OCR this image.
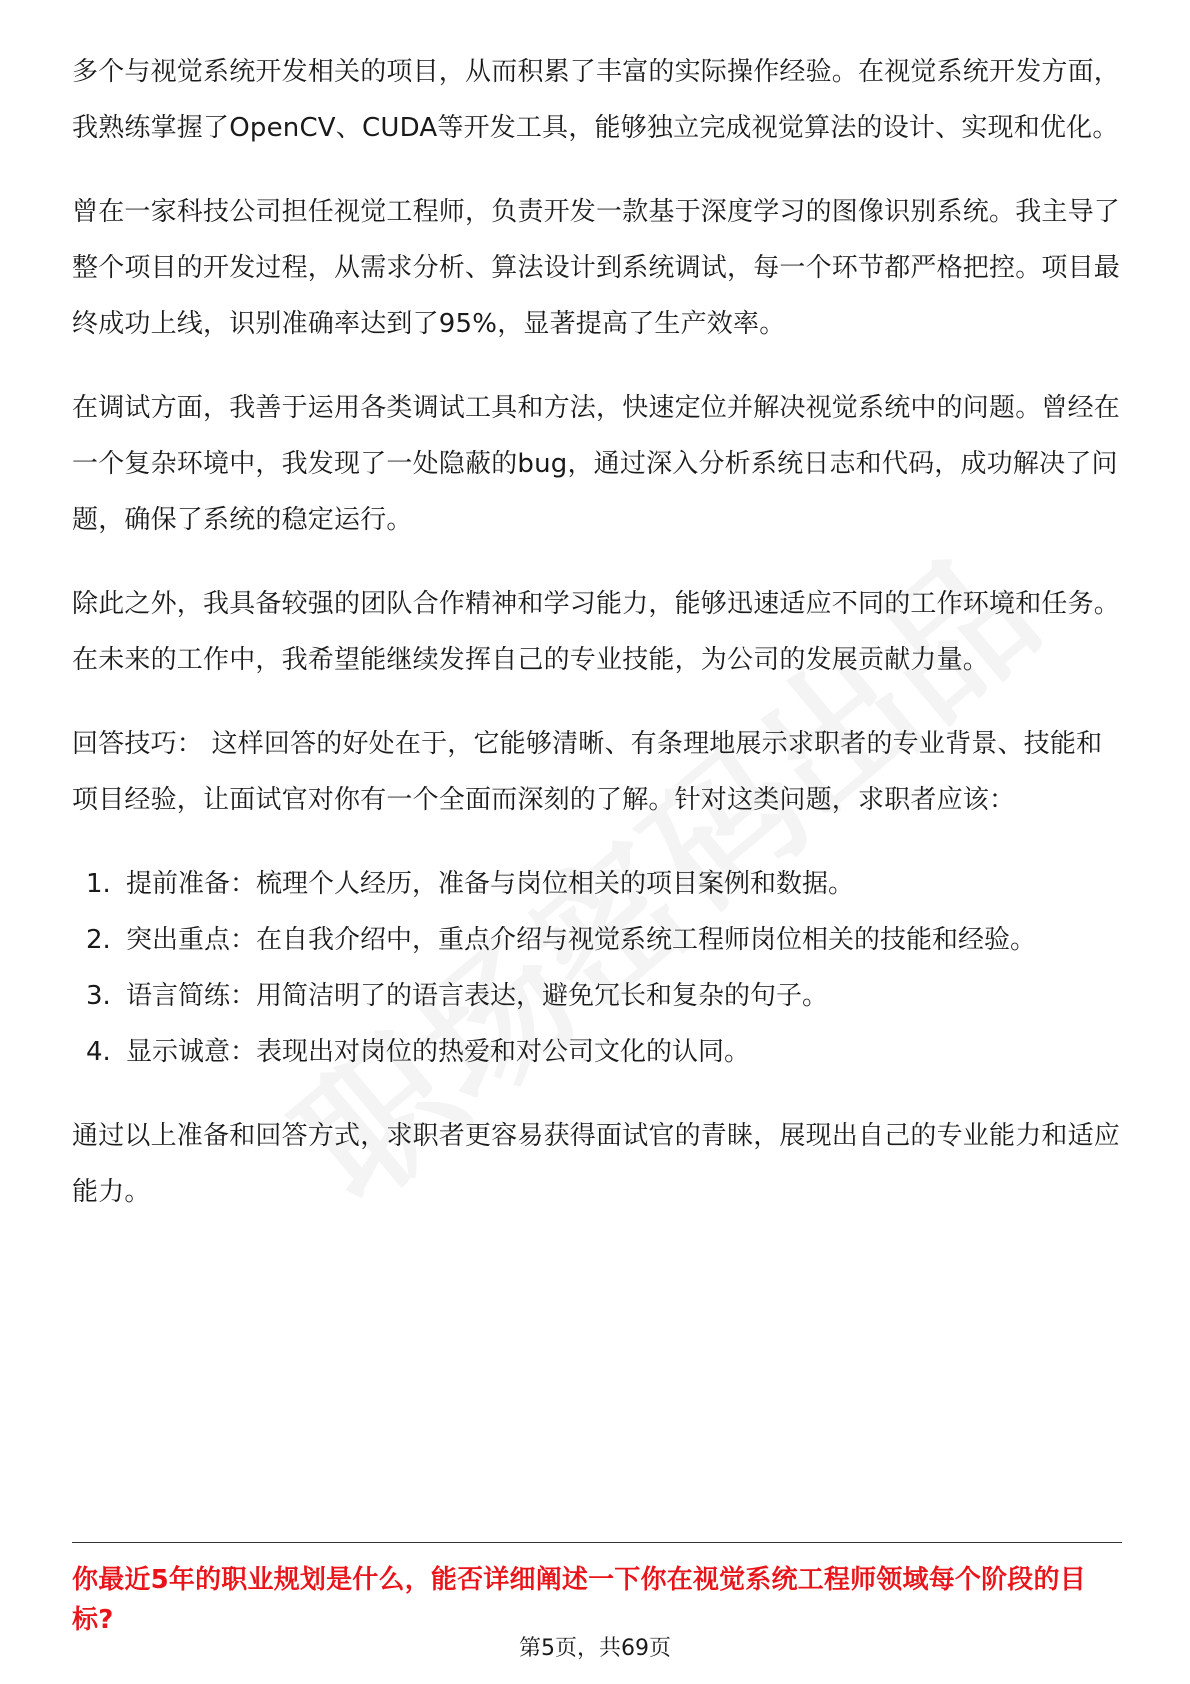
多个与视觉系统开发相关的项目，从而积累了丰富的实际操作经验。在视觉系统开发方面，我熟练掌握了OpenCV、CUDA等开发工具，能够独立完成视觉算法的设计、实现和优化。

曾在一家科技公司担任视觉工程师，负责开发一款基于深度学习的图像识别系统。我主导了整个项目的开发过程，从需求分析、算法设计到系统调试，每一个环节都严格把控。项目最终成功上线，识别准确率达到了95%，显著提高了生产效率。

在调试方面，我善于运用各类调试工具和方法，快速定位并解决视觉系统中的问题。曾经在一个复杂环境中，我发现了一处隐蔽的bug，通过深入分析系统日志和代码，成功解决了问题，确保了系统的稳定运行。

除此之外，我具备较强的团队合作精神和学习能力，能够迅速适应不同的工作环境和任务。在未来的工作中，我希望能继续发挥自己的专业技能，为公司的发展贡献力量。

回答技巧： 这样回答的好处在于，它能够清晰、有条理地展示求职者的专业背景、技能和项目经验，让面试官对你有一个全面而深刻的了解。针对这类问题，求职者应该：

1. 提前准备：梳理个人经历，准备与岗位相关的项目案例和数据。
2. 突出重点：在自我介绍中，重点介绍与视觉系统工程师岗位相关的技能和经验。
3. 语言简练：用简洁明了的语言表达，避免冗长和复杂的句子。
4. 显示诚意：表现出对岗位的热爱和对公司文化的认同。

通过以上准备和回答方式，求职者更容易获得面试官的青睐，展现出自己的专业能力和适应能力。

你最近5年的职业规划是什么，能否详细阐述一下你在视觉系统工程师领域每个阶段的目标?
第5页，共69页
